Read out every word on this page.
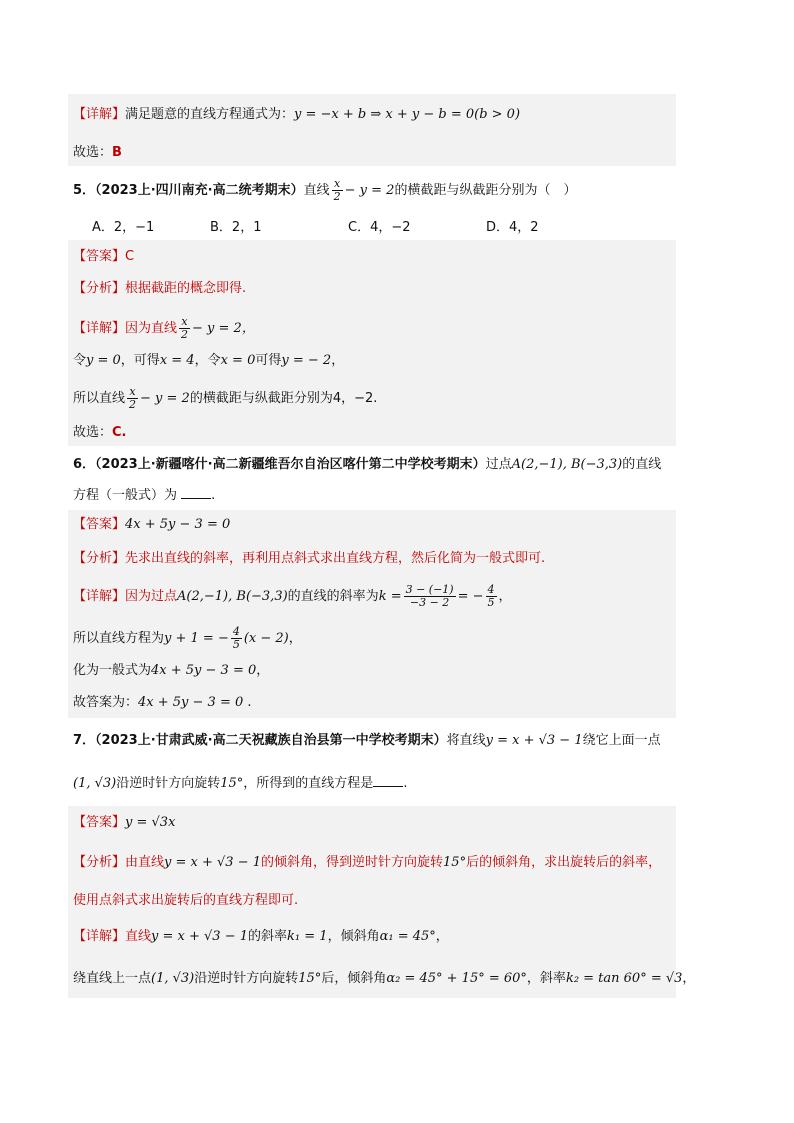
【详解】满足题意的直线方程通式为：y = −x + b ⇒ x + y − b = 0(b > 0)
故选：B
5．（2023上·四川南充·高二统考期末）直线 $\frac{x}{2} - y = 2$的横截距与纵截距分别为（　）
A．2，−1	B．2，1	C．4，−2	D．4，2
【答案】C
【分析】根据截距的概念即得.
【详解】因为直线 $\frac{x}{2} - y = 2$，
令y = 0，可得x = 4，令x = 0可得y = − 2，
所以直线 $\frac{x}{2} - y = 2$的横截距与纵截距分别为4，−2.
故选：C.
6．（2023上·新疆喀什·高二新疆维吾尔自治区喀什第二中学校考期末）过点A(2,−1), B(−3,3)的直线
方程（一般式）为	.
【答案】4x + 5y − 3 = 0
【分析】先求出直线的斜率，再利用点斜式求出直线方程，然后化简为一般式即可.
【详解】因为过点A(2,−1), B(−3,3)的直线的斜率为$k = \frac{3 - (-1)}{-3 - 2}$ = − $\frac{4}{5}$ ，
所以直线方程为y + 1 = − $\frac{4}{5} (x - 2)$，
化为一般式为4x + 5y − 3 = 0，
故答案为：4x + 5y − 3 = 0 .
7．（2023上·甘肃武威·高二天祝藏族自治县第一中学校考期末）将直线y = x + √3 − 1绕它上面一点
(1, √3)沿逆时针方向旋转15°，所得到的直线方程是 .
【答案】y = √3x
【分析】由直线y = x + √3 − 1的倾斜角，得到逆时针方向旋转15°后的倾斜角，求出旋转后的斜率，
使用点斜式求出旋转后的直线方程即可.
【详解】直线y = x + √3 − 1的斜率k₁ = 1，倾斜角α₁ = 45°，
绕直线上一点(1, √3)沿逆时针方向旋转15°后，倾斜角α₂ = 45° + 15° = 60°，斜率k₂ = tan 60° = √3，
